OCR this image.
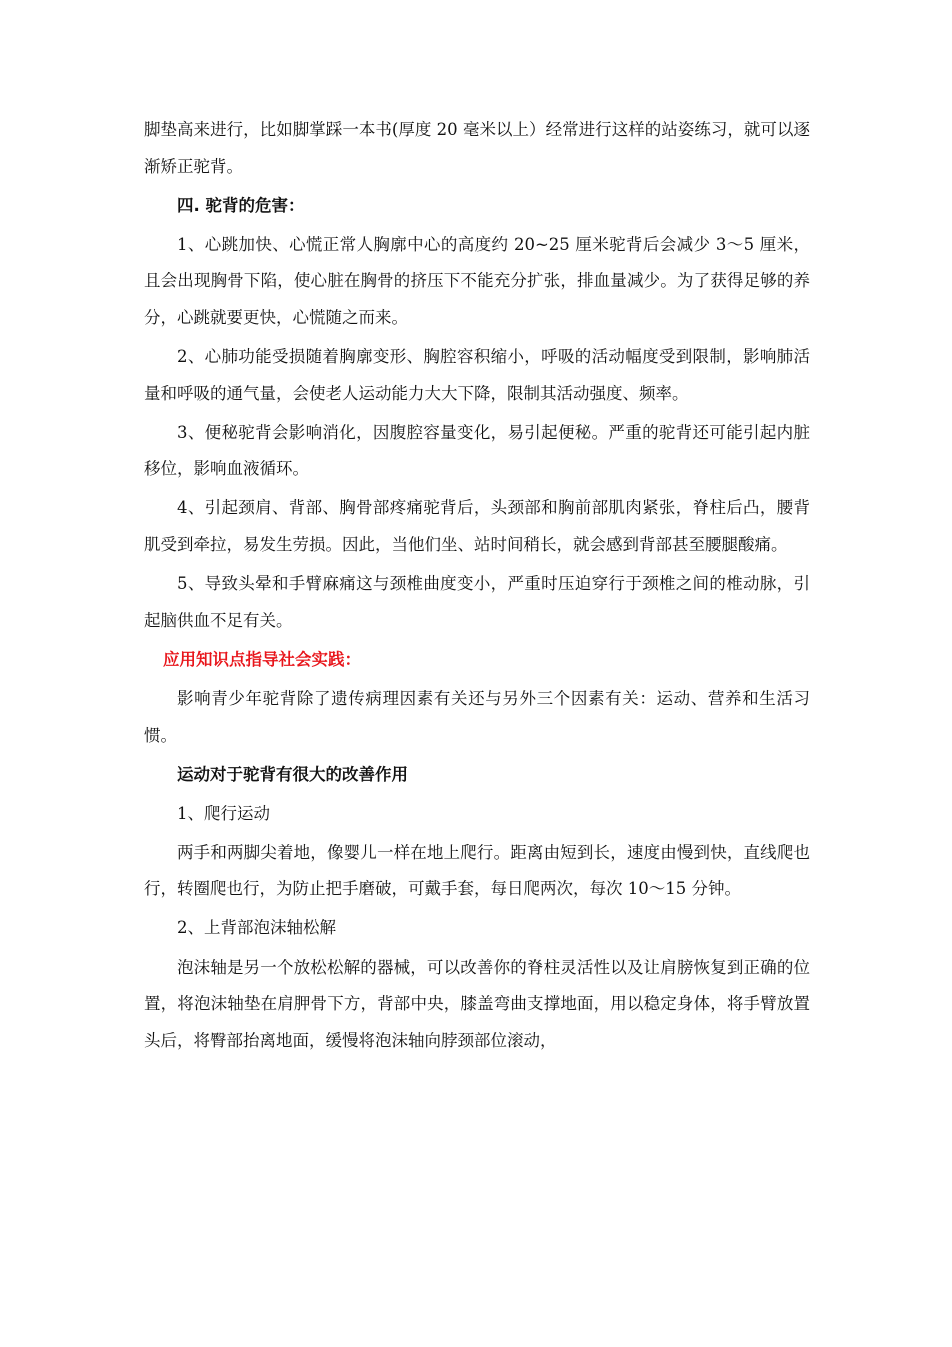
脚垫高来进行，比如脚掌踩一本书(厚度 20 毫米以上）经常进行这样的站姿练习，就可以逐渐矫正驼背。

四. 驼背的危害：

1、心跳加快、心慌正常人胸廓中心的高度约 20~25 厘米驼背后会减少 3～5 厘米，且会出现胸骨下陷，使心脏在胸骨的挤压下不能充分扩张，排血量减少。为了获得足够的养分，心跳就要更快，心慌随之而来。

2、心肺功能受损随着胸廓变形、胸腔容积缩小，呼吸的活动幅度受到限制，影响肺活量和呼吸的通气量，会使老人运动能力大大下降，限制其活动强度、频率。

3、便秘驼背会影响消化，因腹腔容量变化，易引起便秘。严重的驼背还可能引起内脏移位，影响血液循环。

4、引起颈肩、背部、胸骨部疼痛驼背后，头颈部和胸前部肌肉紧张，脊柱后凸，腰背肌受到牵拉，易发生劳损。因此，当他们坐、站时间稍长，就会感到背部甚至腰腿酸痛。

5、导致头晕和手臂麻痛这与颈椎曲度变小，严重时压迫穿行于颈椎之间的椎动脉，引起脑供血不足有关。

应用知识点指导社会实践：

影响青少年驼背除了遗传病理因素有关还与另外三个因素有关：运动、营养和生活习惯。

运动对于驼背有很大的改善作用

1、爬行运动

两手和两脚尖着地，像婴儿一样在地上爬行。距离由短到长，速度由慢到快，直线爬也行，转圈爬也行，为防止把手磨破，可戴手套，每日爬两次，每次 10～15 分钟。

2、上背部泡沫轴松解

泡沫轴是另一个放松松解的器械，可以改善你的脊柱灵活性以及让肩膀恢复到正确的位置，将泡沫轴垫在肩胛骨下方，背部中央，膝盖弯曲支撑地面，用以稳定身体，将手臂放置头后，将臀部抬离地面，缓慢将泡沫轴向脖颈部位滚动，
